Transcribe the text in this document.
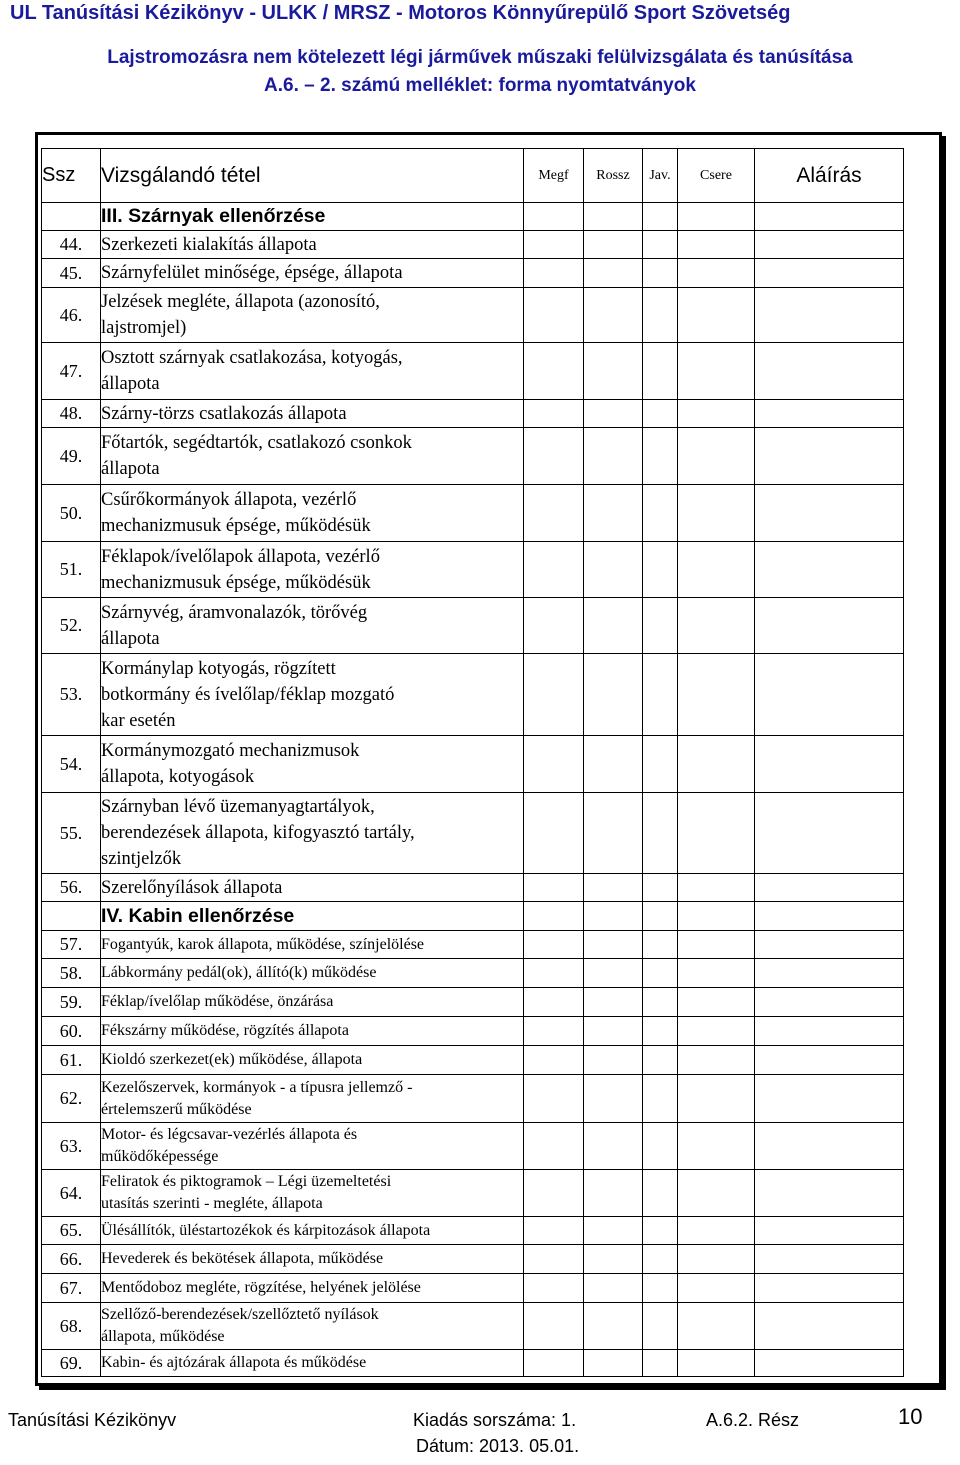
UL Tanúsítási Kézikönyv - ULKK / MRSZ - Motoros Könnyűrepülő Sport Szövetség
Lajstromozásra nem kötelezett légi járművek műszaki felülvizsgálata és tanúsítása
A.6. – 2. számú melléklet: forma nyomtatványok
Ssz	Vizsgálandó tétel	Megf	Rossz	Jav.	Csere	Aláírás
	III. Szárnyak ellenőrzése					
44.	Szerkezeti kialakítás állapota					

45.	Szárnyfelület minősége, épsége, állapota					

46.	Jelzések megléte, állapota (azonosító,
lajstromjel)					

47.	Osztott szárnyak csatlakozása, kotyogás,
állapota					

48.	Szárny-törzs csatlakozás állapota					

49.	Főtartók, segédtartók, csatlakozó csonkok
állapota					

50.	Csűrőkormányok állapota, vezérlő
mechanizmusuk épsége, működésük					

51.	Féklapok/ívelőlapok állapota, vezérlő
mechanizmusuk épsége, működésük					

52.	Szárnyvég, áramvonalazók, törővég
állapota					

53.	Kormánylap kotyogás, rögzített
botkormány és ívelőlap/féklap mozgató
kar esetén					

54.	Kormánymozgató mechanizmusok
állapota, kotyogások					

55.	Szárnyban lévő üzemanyagtartályok,
berendezések állapota, kifogyasztó tartály,
szintjelzők					

56.	Szerelőnyílások állapota					

	IV. Kabin ellenőrzése					
57.	Fogantyúk, karok állapota, működése, színjelölése					

58.	Lábkormány pedál(ok), állító(k) működése					

59.	Féklap/ívelőlap működése, önzárása					

60.	Fékszárny működése, rögzítés állapota					

61.	Kioldó szerkezet(ek) működése, állapota					

62.	Kezelőszervek, kormányok - a típusra jellemző -
értelemszerű működése					

63.	Motor- és légcsavar-vezérlés állapota és
működőképessége					

64.	Feliratok és piktogramok – Légi üzemeltetési
utasítás szerinti - megléte, állapota					

65.	Ülésállítók, üléstartozékok és kárpitozások állapota					

66.	Hevederek és bekötések állapota, működése					

67.	Mentődoboz megléte, rögzítése, helyének jelölése					

68.	Szellőző-berendezések/szellőztető nyílások
állapota, működése					

69.	Kabin- és ajtózárak állapota és működése					

Tanúsítási Kézikönyv	Kiadás sorszáma: 1.
Dátum: 2013. 05.01.
A.6.2. Rész	10
